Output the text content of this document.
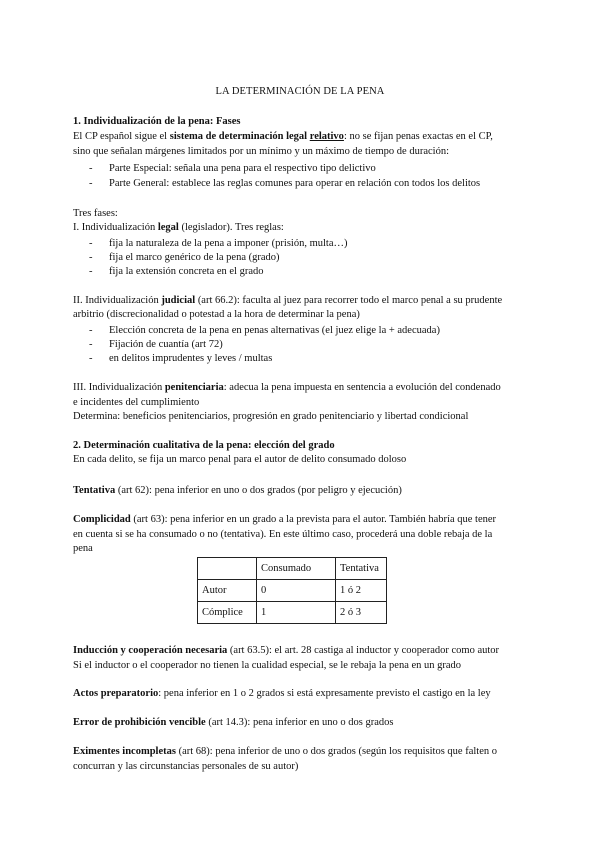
LA DETERMINACIÓN DE LA PENA
1. Individualización de la pena: Fases
El CP español sigue el sistema de determinación legal relativo: no se fijan penas exactas en el CP,
sino que señalan márgenes limitados por un mínimo y un máximo de tiempo de duración:
- Parte Especial: señala una pena para el respectivo tipo delictivo
- Parte General: establece las reglas comunes para operar en relación con todos los delitos
Tres fases:
I. Individualización legal (legislador). Tres reglas:
- fija la naturaleza de la pena a imponer (prisión, multa…)
- fija el marco genérico de la pena (grado)
- fija la extensión concreta en el grado
II. Individualización judicial (art 66.2): faculta al juez para recorrer todo el marco penal a su prudente
arbitrio (discrecionalidad o potestad a la hora de determinar la pena)
- Elección concreta de la pena en penas alternativas (el juez elige la + adecuada)
- Fijación de cuantía (art 72)
- en delitos imprudentes y leves / multas
III. Individualización penitenciaria: adecua la pena impuesta en sentencia a evolución del condenado
e incidentes del cumplimiento
Determina: beneficios penitenciarios, progresión en grado penitenciario y libertad condicional
2. Determinación cualitativa de la pena: elección del grado
En cada delito, se fija un marco penal para el autor de delito consumado doloso
Tentativa (art 62): pena inferior en uno o dos grados (por peligro y ejecución)
Complicidad (art 63): pena inferior en un grado a la prevista para el autor. También habría que tener
en cuenta si se ha consumado o no (tentativa). En este último caso, procederá una doble rebaja de la
pena
	Consumado	Tentativa
Autor	0	1 ó 2
Cómplice	1	2 ó 3
Inducción y cooperación necesaria (art 63.5): el art. 28 castiga al inductor y cooperador como autor
Si el inductor o el cooperador no tienen la cualidad especial, se le rebaja la pena en un grado
Actos preparatorio: pena inferior en 1 o 2 grados si está expresamente previsto el castigo en la ley
Error de prohibición vencible (art 14.3): pena inferior en uno o dos grados
Eximentes incompletas (art 68): pena inferior de uno o dos grados (según los requisitos que falten o
concurran y las circunstancias personales de su autor)
